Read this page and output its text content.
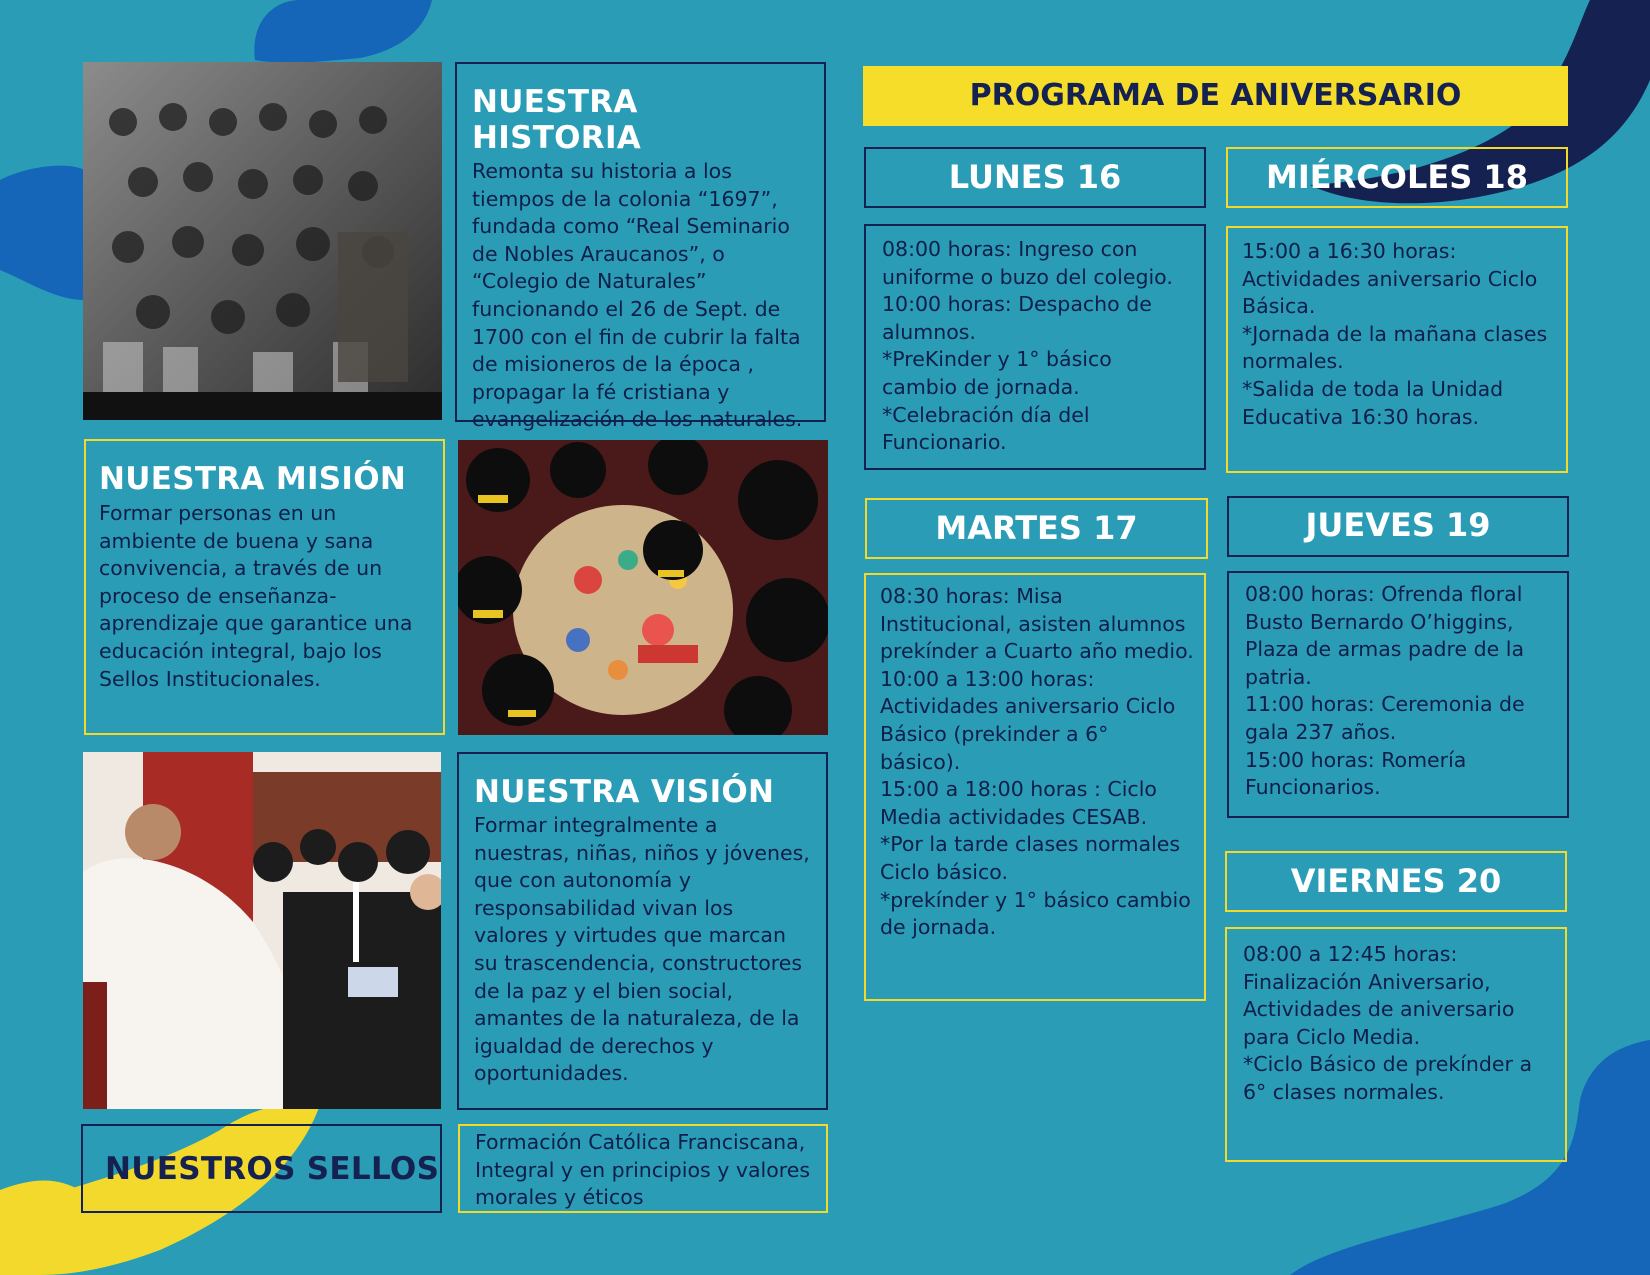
NUESTRA HISTORIA

Remonta su historia a los tiempos de la colonia “1697”, fundada como “Real Seminario de Nobles Araucanos”, o “Colegio de Naturales” funcionando el 26 de Sept. de 1700 con el fin de cubrir la falta de misioneros de la época , propagar la fé cristiana y evangelización de los naturales.

NUESTRA MISIÓN

Formar personas en un ambiente de buena y sana convivencia, a través de un proceso de enseñanza-aprendizaje que garantice una educación integral, bajo los Sellos Institucionales.

NUESTRA VISIÓN

Formar integralmente a nuestras, niñas, niños y jóvenes, que con autonomía y responsabilidad vivan los valores y virtudes que marcan su trascendencia, constructores de la paz y el bien social, amantes de la naturaleza, de la igualdad de derechos y oportunidades.

NUESTROS SELLOS

Formación Católica Franciscana, Integral y en principios y valores morales y éticos

PROGRAMA DE ANIVERSARIO
LUNES 16

08:00 horas: Ingreso con uniforme o buzo del colegio.
10:00 horas: Despacho de alumnos.
*PreKinder y 1° básico cambio de jornada.
*Celebración día del Funcionario.

MARTES 17

08:30 horas: Misa Institucional, asisten alumnos prekínder a Cuarto año medio.
10:00 a 13:00 horas: Actividades aniversario Ciclo Básico (prekinder a 6° básico).
15:00 a 18:00 horas : Ciclo Media actividades CESAB.
*Por la tarde clases normales Ciclo básico.
*prekínder y 1° básico cambio de jornada.

MIÉRCOLES 18

15:00 a 16:30 horas: Actividades aniversario Ciclo Básica.
*Jornada de la mañana clases normales.
*Salida de toda la Unidad Educativa 16:30 horas.

JUEVES 19

08:00 horas: Ofrenda floral Busto Bernardo O’higgins, Plaza de armas padre de la patria.
11:00 horas: Ceremonia de gala 237 años.
15:00 horas: Romería Funcionarios.

VIERNES 20

08:00 a 12:45 horas: Finalización Aniversario, Actividades de aniversario para Ciclo Media.
*Ciclo Básico de prekínder a 6° clases normales.
